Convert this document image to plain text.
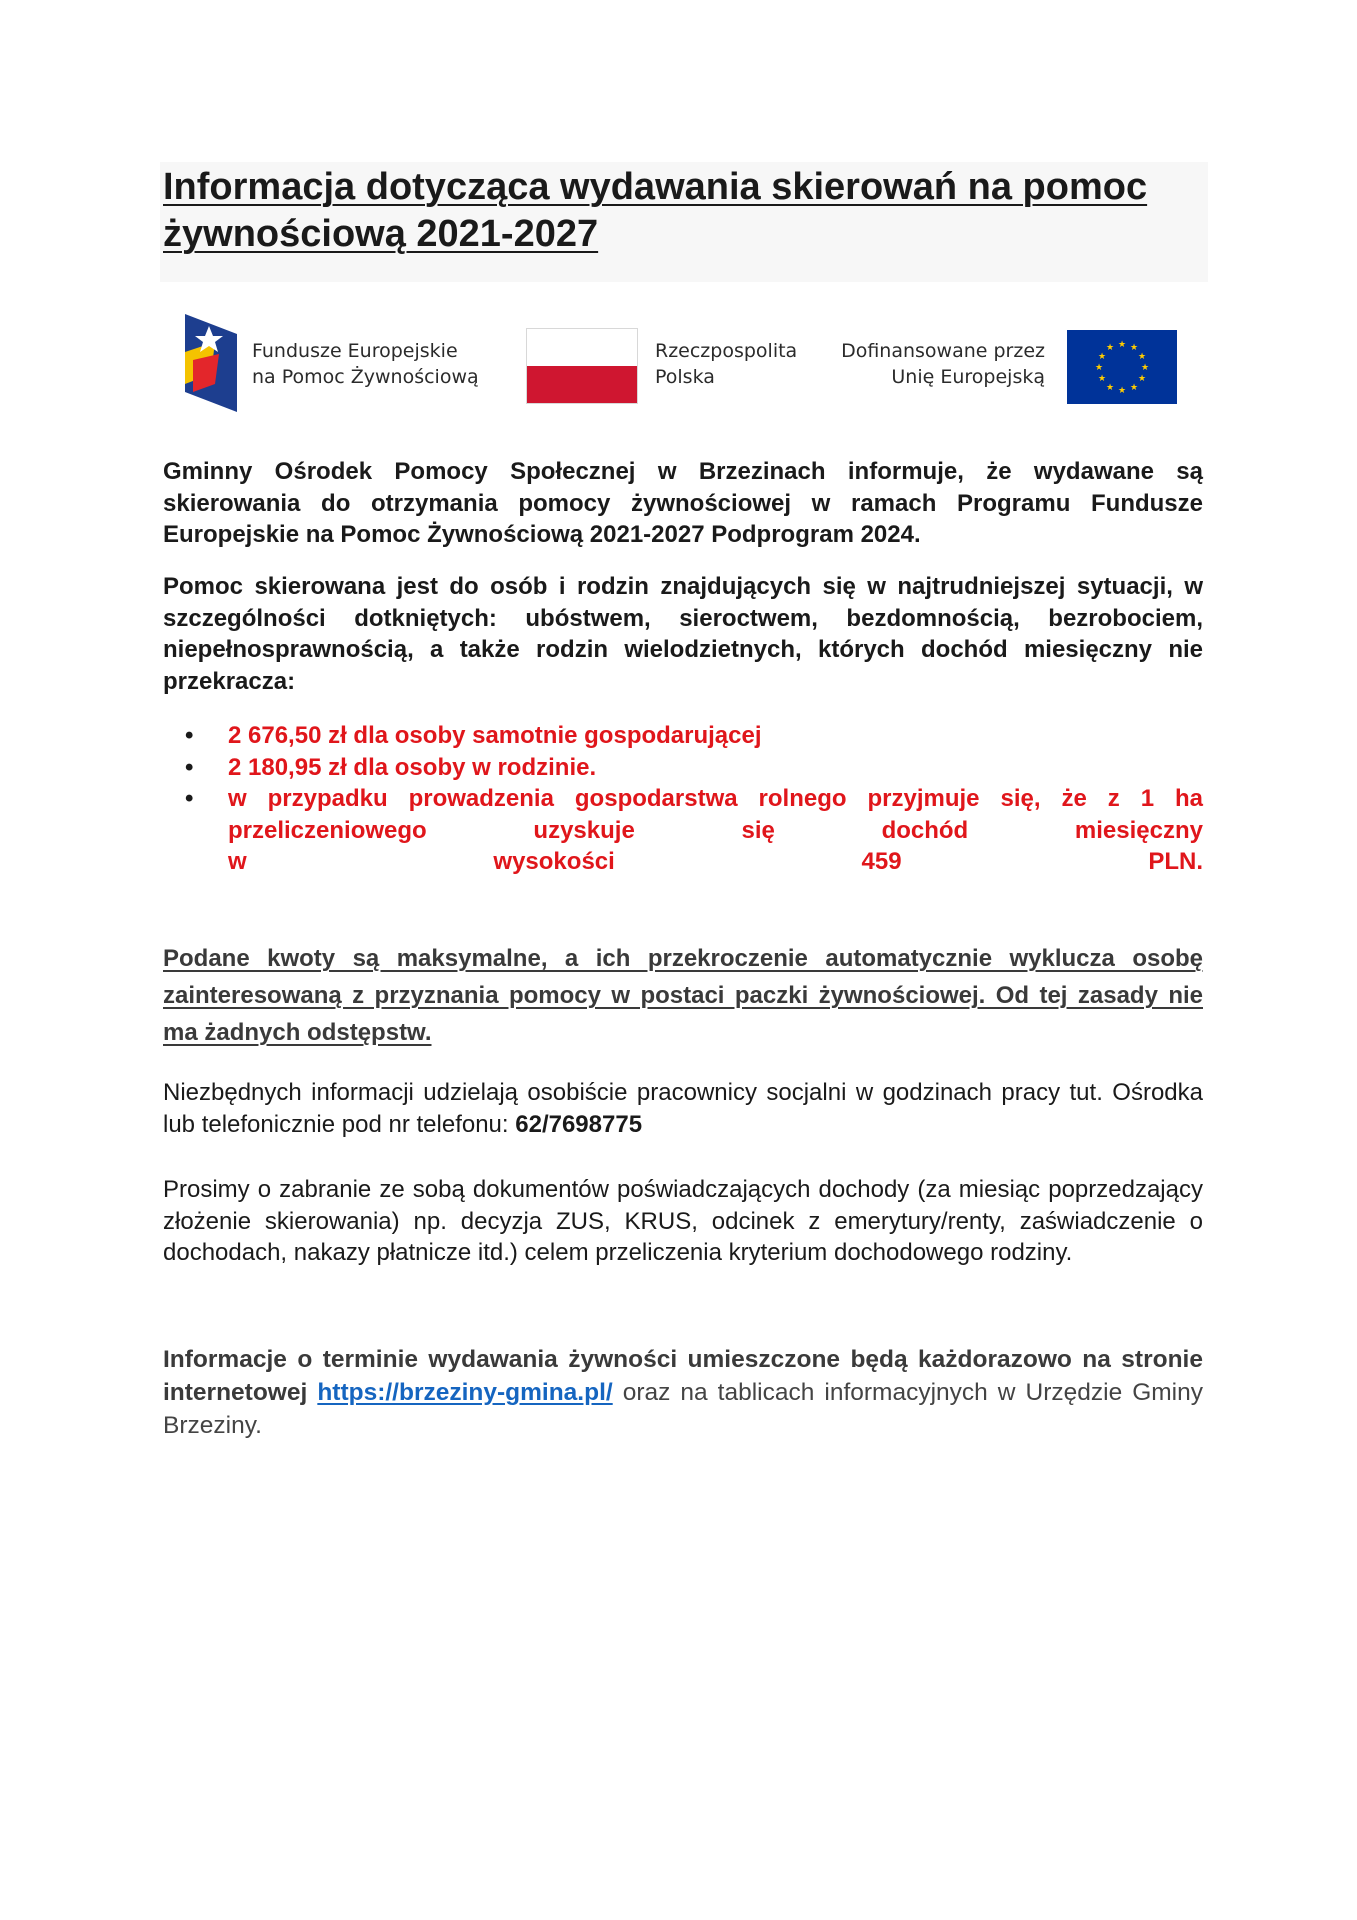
Informacja dotycząca wydawania skierowań na pomoc żywnościową 2021-2027
Fundusze Europejskie
na Pomoc Żywnościową
Rzeczpospolita
Polska
Dofinansowane przez
Unię Europejską
★ ★
★
★
★
★
★
★
★
★
★
★

Gminny Ośrodek Pomocy Społecznej w Brzezinach informuje, że wydawane są skierowania do otrzymania pomocy żywnościowej w ramach Programu Fundusze Europejskie na Pomoc Żywnościową 2021-2027 Podprogram 2024.

Pomoc skierowana jest do osób i rodzin znajdujących się w najtrudniejszej sytuacji, w szczególności dotkniętych: ubóstwem, sieroctwem, bezdomnością, bezrobociem, niepełnosprawnością, a także rodzin wielodzietnych, których dochód miesięczny nie przekracza:

• 2 676,50 zł dla osoby samotnie gospodarującej
• 2 180,95 zł dla osoby w rodzinie.
• w przypadku prowadzenia gospodarstwa rolnego przyjmuje się, że z 1 ha przeliczeniowego uzyskuje się dochód miesięczny
w wysokości 459 PLN.

Podane kwoty są maksymalne, a ich przekroczenie automatycznie wyklucza osobę zainteresowaną z przyznania pomocy w postaci paczki żywnościowej. Od tej zasady nie ma żadnych odstępstw.

Niezbędnych informacji udzielają osobiście pracownicy socjalni w godzinach pracy tut. Ośrodka lub telefonicznie pod nr telefonu: 62/7698775

Prosimy o zabranie ze sobą dokumentów poświadczających dochody (za miesiąc poprzedzający złożenie skierowania) np. decyzja ZUS, KRUS, odcinek z emerytury/renty, zaświadczenie o dochodach, nakazy płatnicze itd.) celem przeliczenia kryterium dochodowego rodziny.

Informacje o terminie wydawania żywności umieszczone będą każdorazowo na stronie internetowej https://brzeziny-gmina.pl/ oraz na tablicach informacyjnych w Urzędzie Gminy Brzeziny.
